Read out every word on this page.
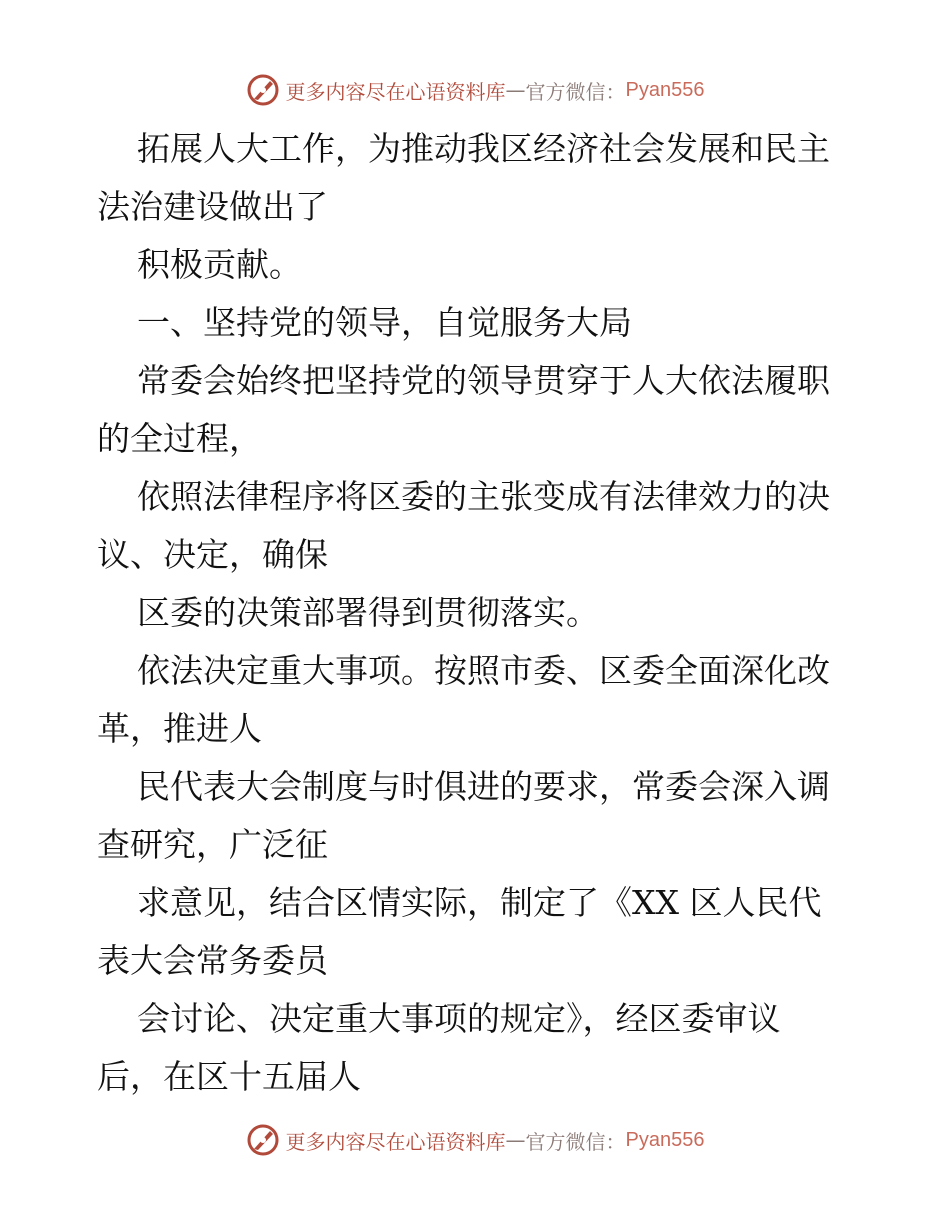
更多内容尽在心语资料库 — 官方微信： Pyan556
拓展人大工作，为推动我区经济社会发展和民主
法治建设做出了
积极贡献。
一、坚持党的领导，自觉服务大局
常委会始终把坚持党的领导贯穿于人大依法履职
的全过程，
依照法律程序将区委的主张变成有法律效力的决
议、决定，确保
区委的决策部署得到贯彻落实。
依法决定重大事项。按照市委、区委全面深化改
革，推进人
民代表大会制度与时俱进的要求，常委会深入调
查研究，广泛征
求意见，结合区情实际，制定了《XX 区人民代
表大会常务委员
会讨论、决定重大事项的规定》，经区委审议
后，在区十五届人
更多内容尽在心语资料库 — 官方微信： Pyan556
